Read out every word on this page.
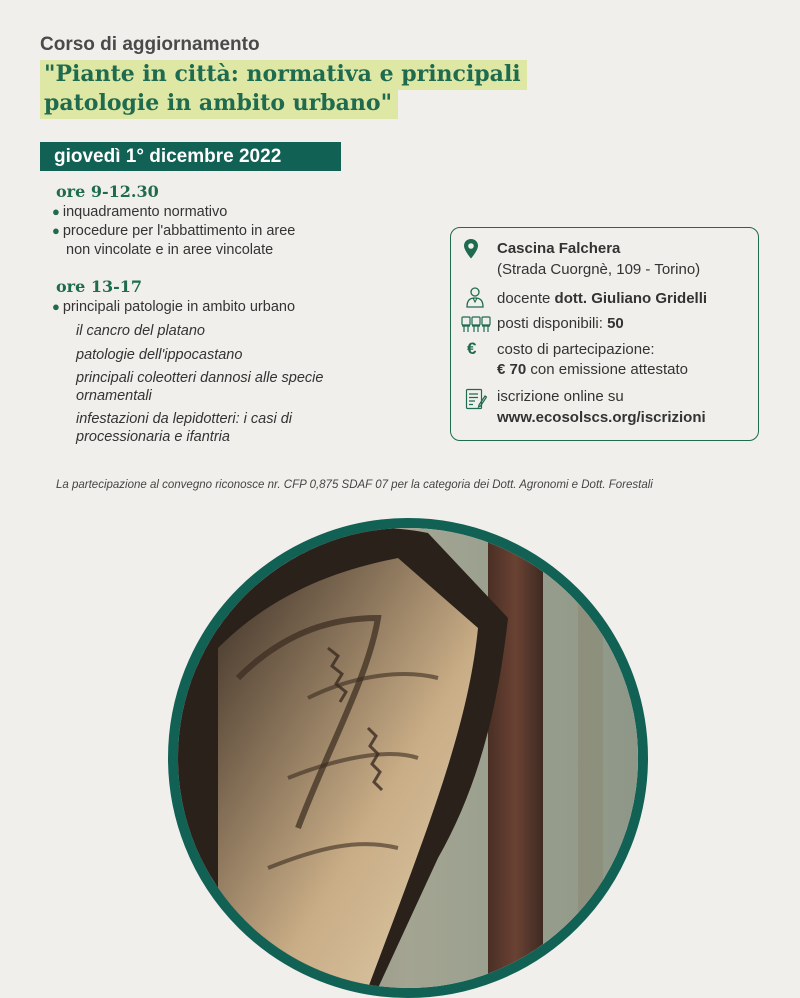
Corso di aggiornamento
"Piante in città: normativa e principali
patologie in ambito urbano"
giovedì 1° dicembre 2022
ore 9-12.30
● inquadramento normativo
● procedure per l'abbattimento in aree
non vincolate e in aree vincolate
ore 13-17
● principali patologie in ambito urbano
il cancro del platano
patologie dell'ippocastano
principali coleotteri dannosi alle specie
ornamentali
infestazioni da lepidotteri: i casi di
processionaria e ifantria
Cascina Falchera
(Strada Cuorgnè, 109 - Torino)
docente dott. Giuliano Gridelli
posti disponibili: 50
€ costo di partecipazione:
€ 70 con emissione attestato
iscrizione online su
www.ecosolscs.org/iscrizioni
La partecipazione al convegno riconosce nr. CFP 0,875 SDAF 07 per la categoria dei Dott. Agronomi e Dott. Forestali
